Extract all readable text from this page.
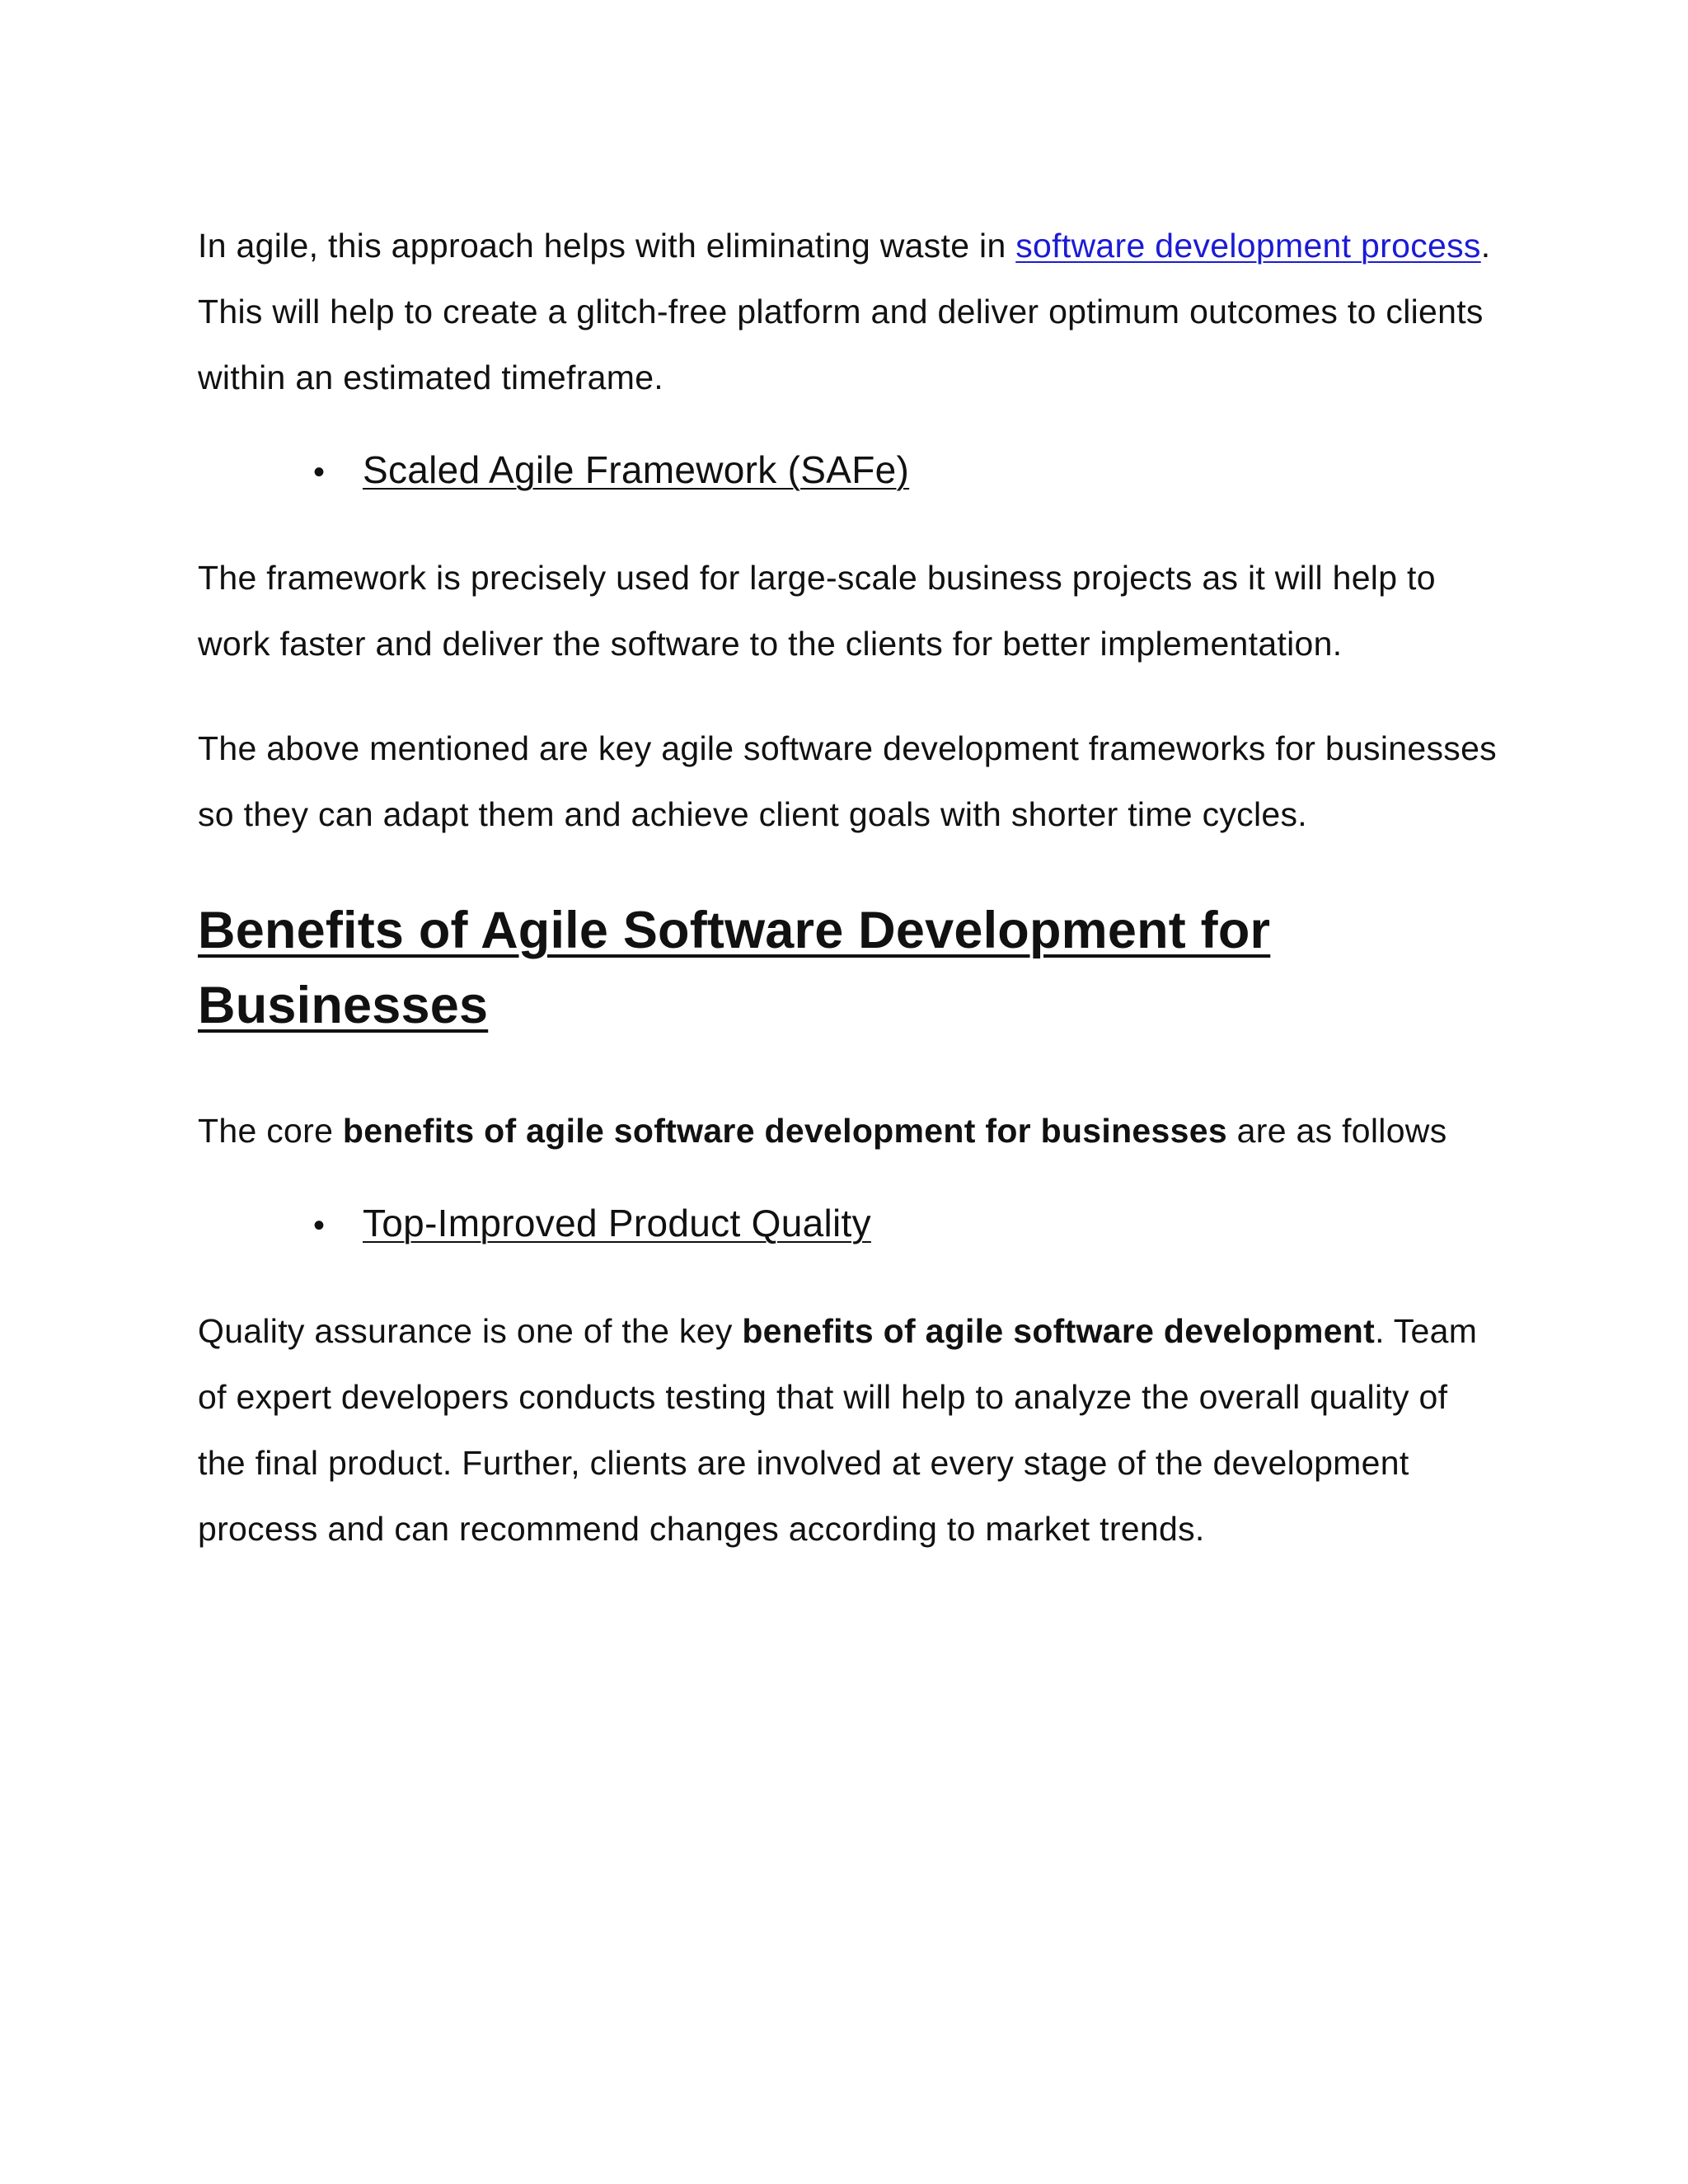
In agile, this approach helps with eliminating waste in software development process. This will help to create a glitch-free platform and deliver optimum outcomes to clients within an estimated timeframe.

• Scaled Agile Framework (SAFe)

The framework is precisely used for large-scale business projects as it will help to work faster and deliver the software to the clients for better implementation.

The above mentioned are key agile software development frameworks for businesses so they can adapt them and achieve client goals with shorter time cycles.

Benefits of Agile Software Development for Businesses

The core benefits of agile software development for businesses are as follows

• Top-Improved Product Quality

Quality assurance is one of the key benefits of agile software development. Team of expert developers conducts testing that will help to analyze the overall quality of the final product. Further, clients are involved at every stage of the development process and can recommend changes according to market trends.
